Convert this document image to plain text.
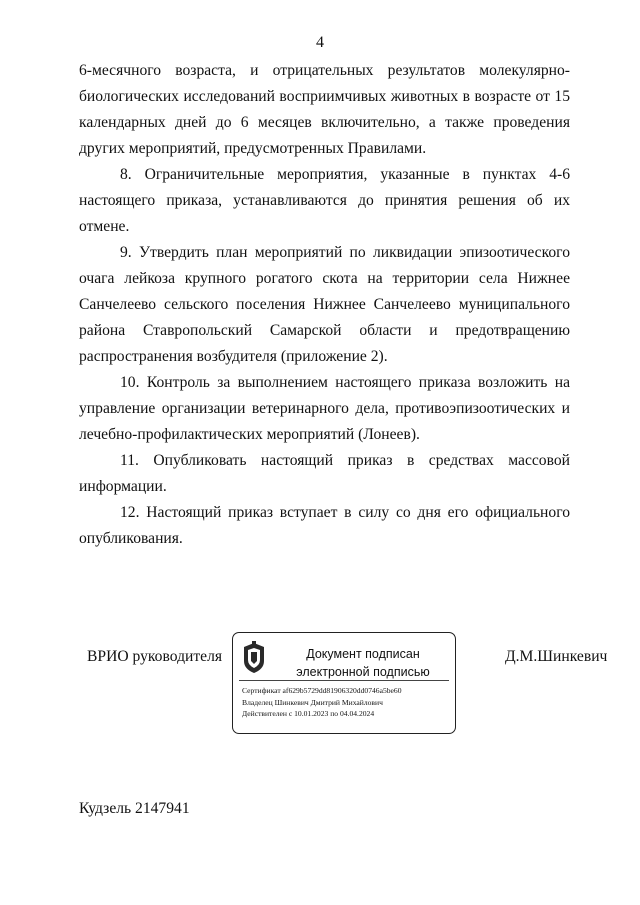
4

6-месячного возраста, и отрицательных результатов молекулярно-биологических исследований восприимчивых животных в возрасте от 15 календарных дней до 6 месяцев включительно, а также проведения других мероприятий, предусмотренных Правилами.

8. Ограничительные мероприятия, указанные в пунктах 4-6 настоящего приказа, устанавливаются до принятия решения об их отмене.

9. Утвердить план мероприятий по ликвидации эпизоотического очага лейкоза крупного рогатого скота на территории села Нижнее Санчелеево сельского поселения Нижнее Санчелеево муниципального района Ставропольский Самарской области и предотвращению распространения возбудителя (приложение 2).

10. Контроль за выполнением настоящего приказа возложить на управление организации ветеринарного дела, противоэпизоотических и лечебно-профилактических мероприятий (Лонеев).

11. Опубликовать настоящий приказ в средствах массовой информации.

12. Настоящий приказ вступает в силу со дня его официального опубликования.

ВРИО руководителя	Документ подписан
электронной подписью
Сертификат af629b5729dd81906320dd0746a5be60
Владелец Шинкевич Дмитрий Михайлович
Действителен с 10.01.2023 по 04.04.2024
Д.М.Шинкевич
Кудзель 2147941
